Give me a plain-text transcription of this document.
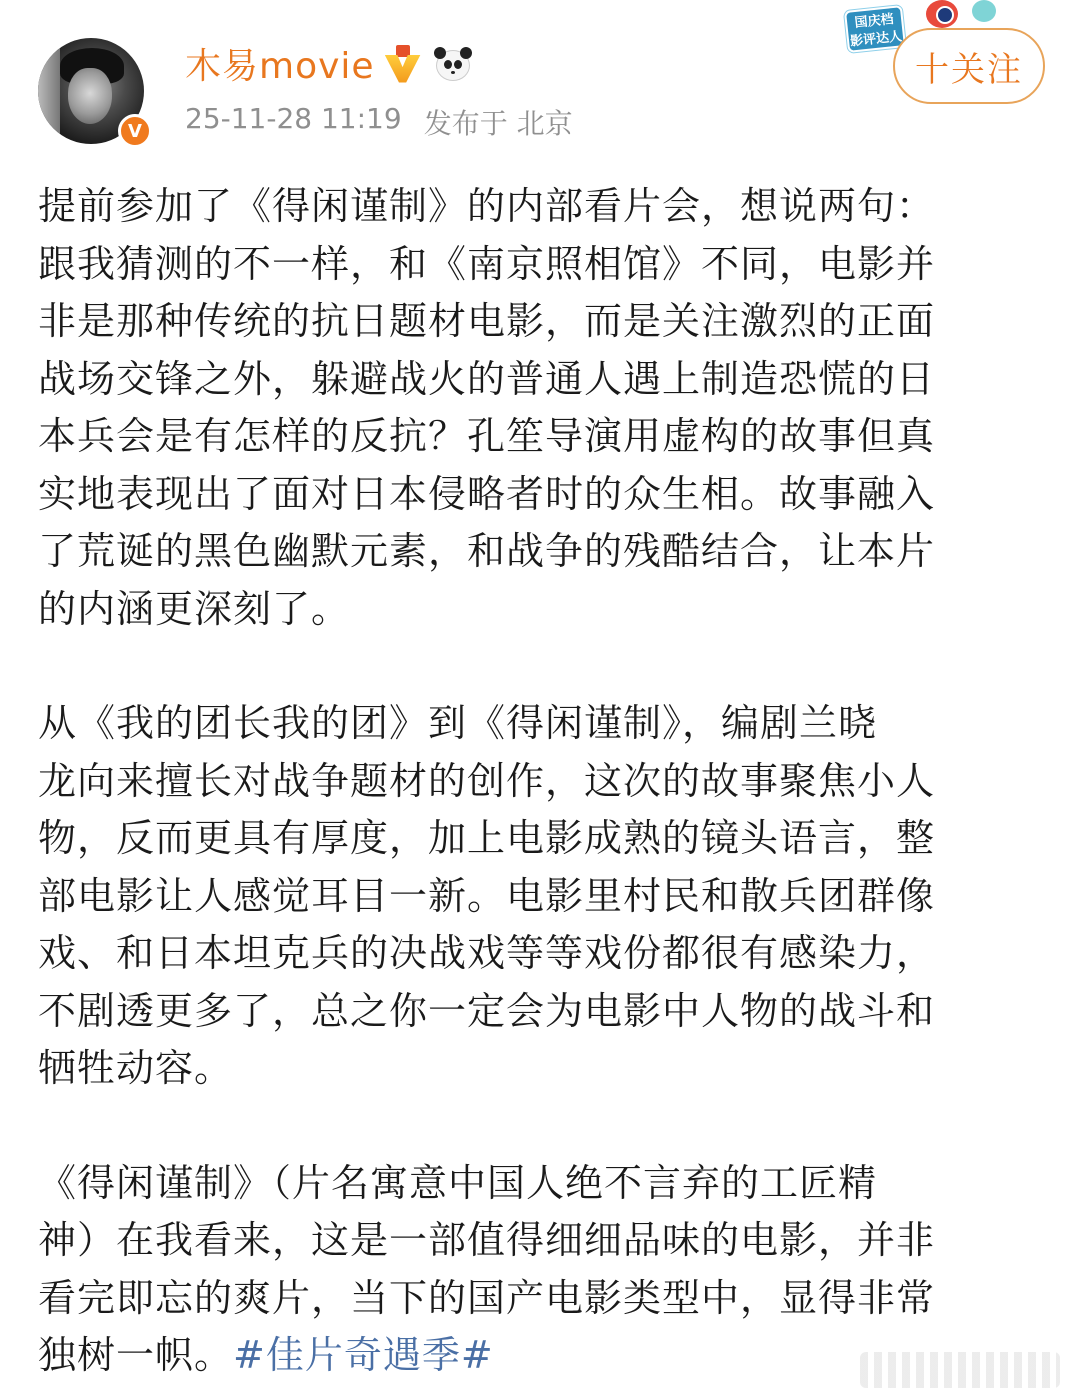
V
木易movie
25-11-28 11:19 发布于 北京
国庆档
影评达人
十关注
提前参加了《得闲谨制》的内部看片会，想说两句：
跟我猜测的不一样，和《南京照相馆》不同，电影并
非是那种传统的抗日题材电影，而是关注激烈的正面
战场交锋之外，躲避战火的普通人遇上制造恐慌的日
本兵会是有怎样的反抗？孔笙导演用虚构的故事但真
实地表现出了面对日本侵略者时的众生相。故事融入
了荒诞的黑色幽默元素，和战争的残酷结合，让本片
的内涵更深刻了。
从《我的团长我的团》到《得闲谨制》，编剧兰晓
龙向来擅长对战争题材的创作，这次的故事聚焦小人
物，反而更具有厚度，加上电影成熟的镜头语言，整
部电影让人感觉耳目一新。电影里村民和散兵团群像
戏、和日本坦克兵的决战戏等等戏份都很有感染力，
不剧透更多了，总之你一定会为电影中人物的战斗和
牺牲动容。
《得闲谨制》（片名寓意中国人绝不言弃的工匠精
神）在我看来，这是一部值得细细品味的电影，并非
看完即忘的爽片，当下的国产电影类型中，显得非常
独树一帜。#佳片奇遇季#
